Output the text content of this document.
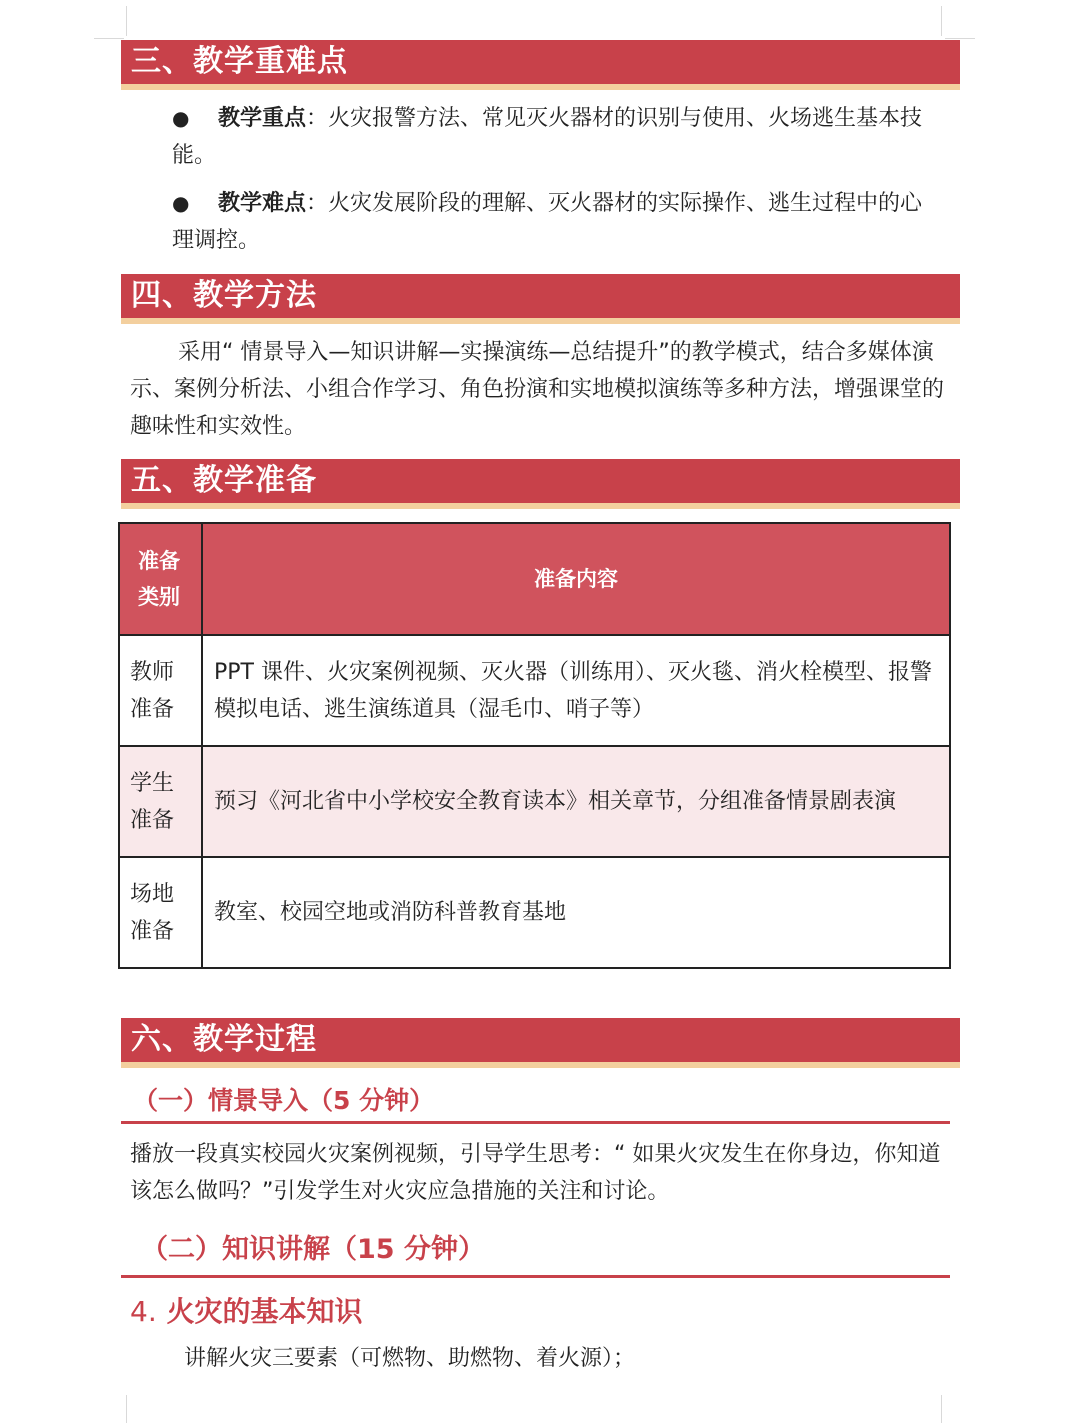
三、教学重难点
● 教学重点：火灾报警方法、常见灭火器材的识别与使用、火场逃生基本技能。
● 教学难点：火灾发展阶段的理解、灭火器材的实际操作、逃生过程中的心理调控。
四、教学方法
采用“ 情景导入—知识讲解—实操演练—总结提升”的教学模式，结合多媒体演示、案例分析法、小组合作学习、角色扮演和实地模拟演练等多种方法，增强课堂的趣味性和实效性。
五、教学准备
准备
类别	准备内容

教师
准备	PPT 课件、火灾案例视频、灭火器（训练用）、灭火毯、消火栓模型、报警模拟电话、逃生演练道具（湿毛巾、哨子等）

学生
准备	预习《河北省中小学校安全教育读本》相关章节，分组准备情景剧表演

场地
准备	教室、校园空地或消防科普教育基地
六、教学过程
（一）情景导入（5 分钟）
播放一段真实校园火灾案例视频，引导学生思考：“ 如果火灾发生在你身边，你知道该怎么做吗？”引发学生对火灾应急措施的关注和讨论。
（二）知识讲解（15 分钟）
4. 火灾的基本知识
讲解火灾三要素（可燃物、助燃物、着火源）；
